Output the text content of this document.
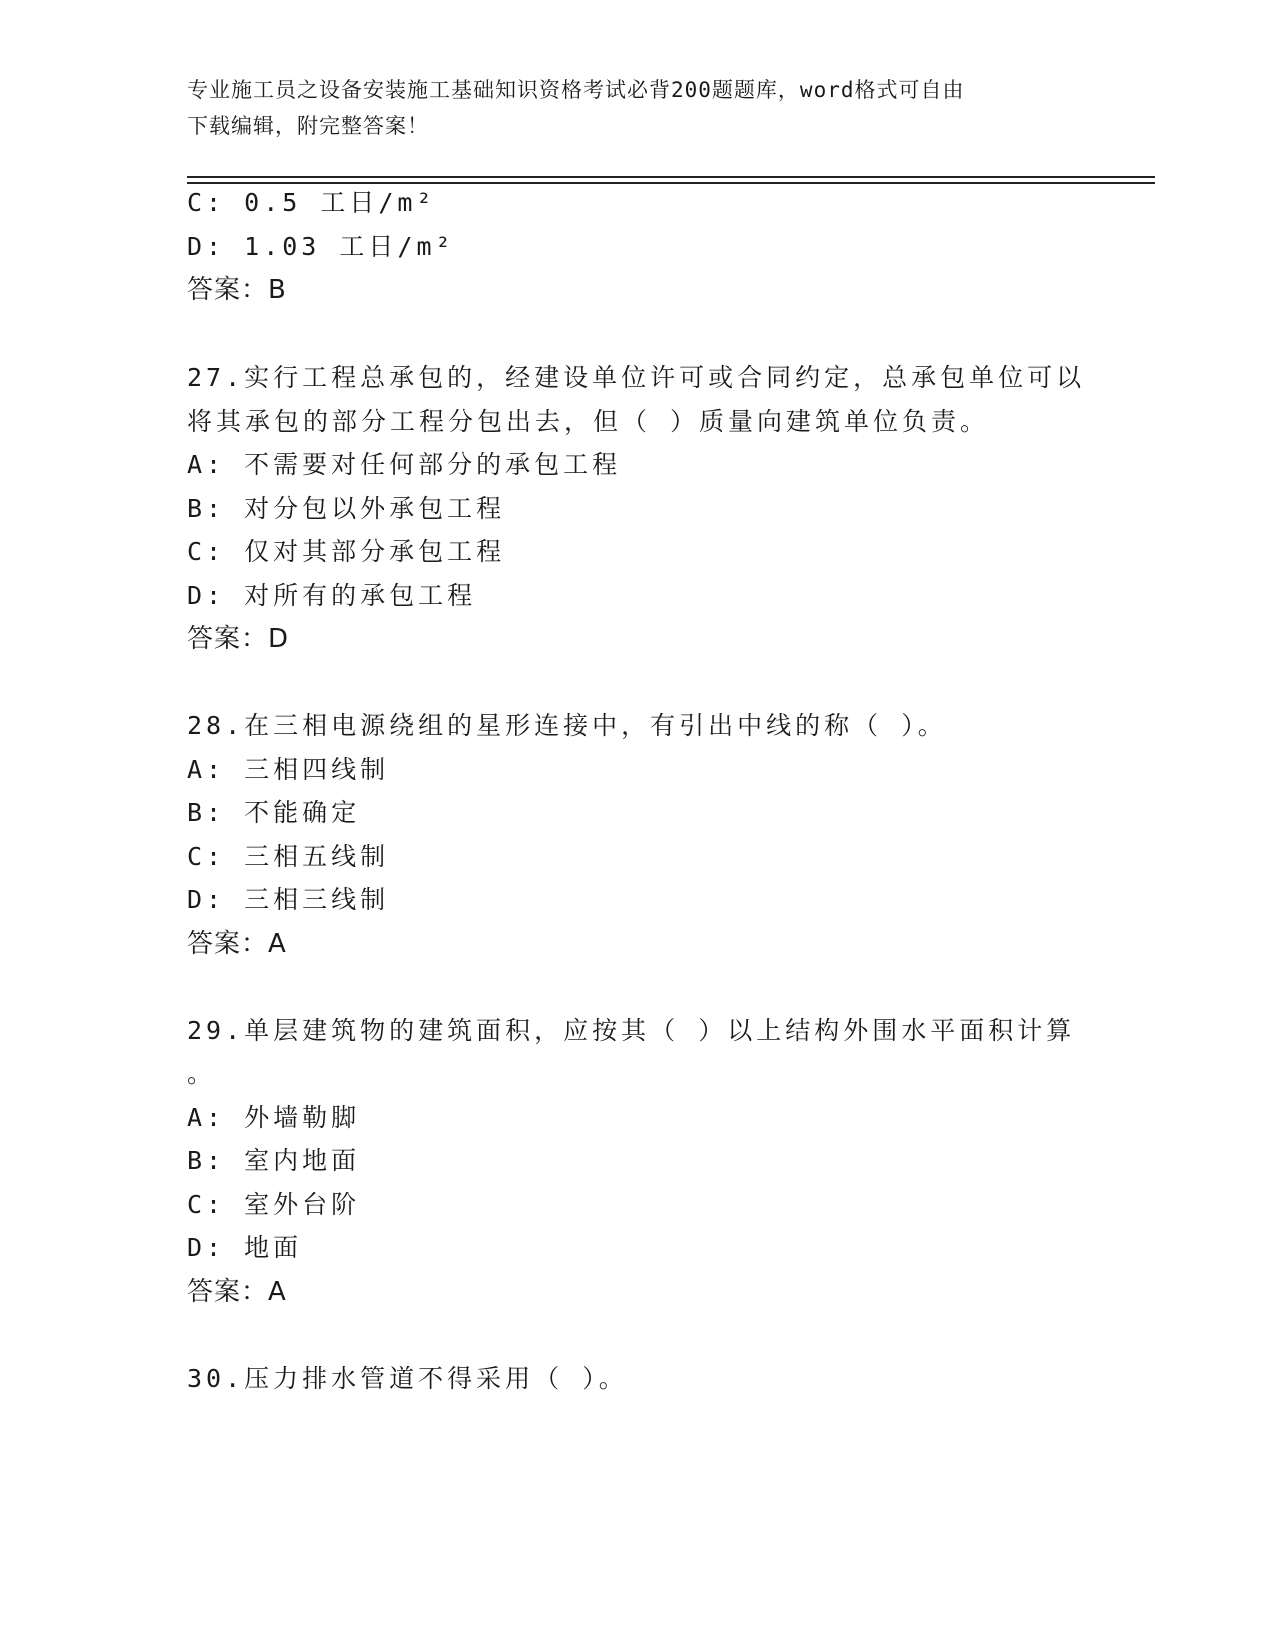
专业施工员之设备安装施工基础知识资格考试必背200题题库，word格式可自由
下载编辑，附完整答案！
C: 0.5 工日/m²
D: 1.03 工日/m²
答案：B
27.实行工程总承包的，经建设单位许可或合同约定，总承包单位可以
将其承包的部分工程分包出去，但（ ）质量向建筑单位负责。
A: 不需要对任何部分的承包工程
B: 对分包以外承包工程
C: 仅对其部分承包工程
D: 对所有的承包工程
答案：D
28.在三相电源绕组的星形连接中，有引出中线的称（ ）。
A: 三相四线制
B: 不能确定
C: 三相五线制
D: 三相三线制
答案：A
29.单层建筑物的建筑面积，应按其（ ）以上结构外围水平面积计算
。
A: 外墙勒脚
B: 室内地面
C: 室外台阶
D: 地面
答案：A
30.压力排水管道不得采用（ ）。
